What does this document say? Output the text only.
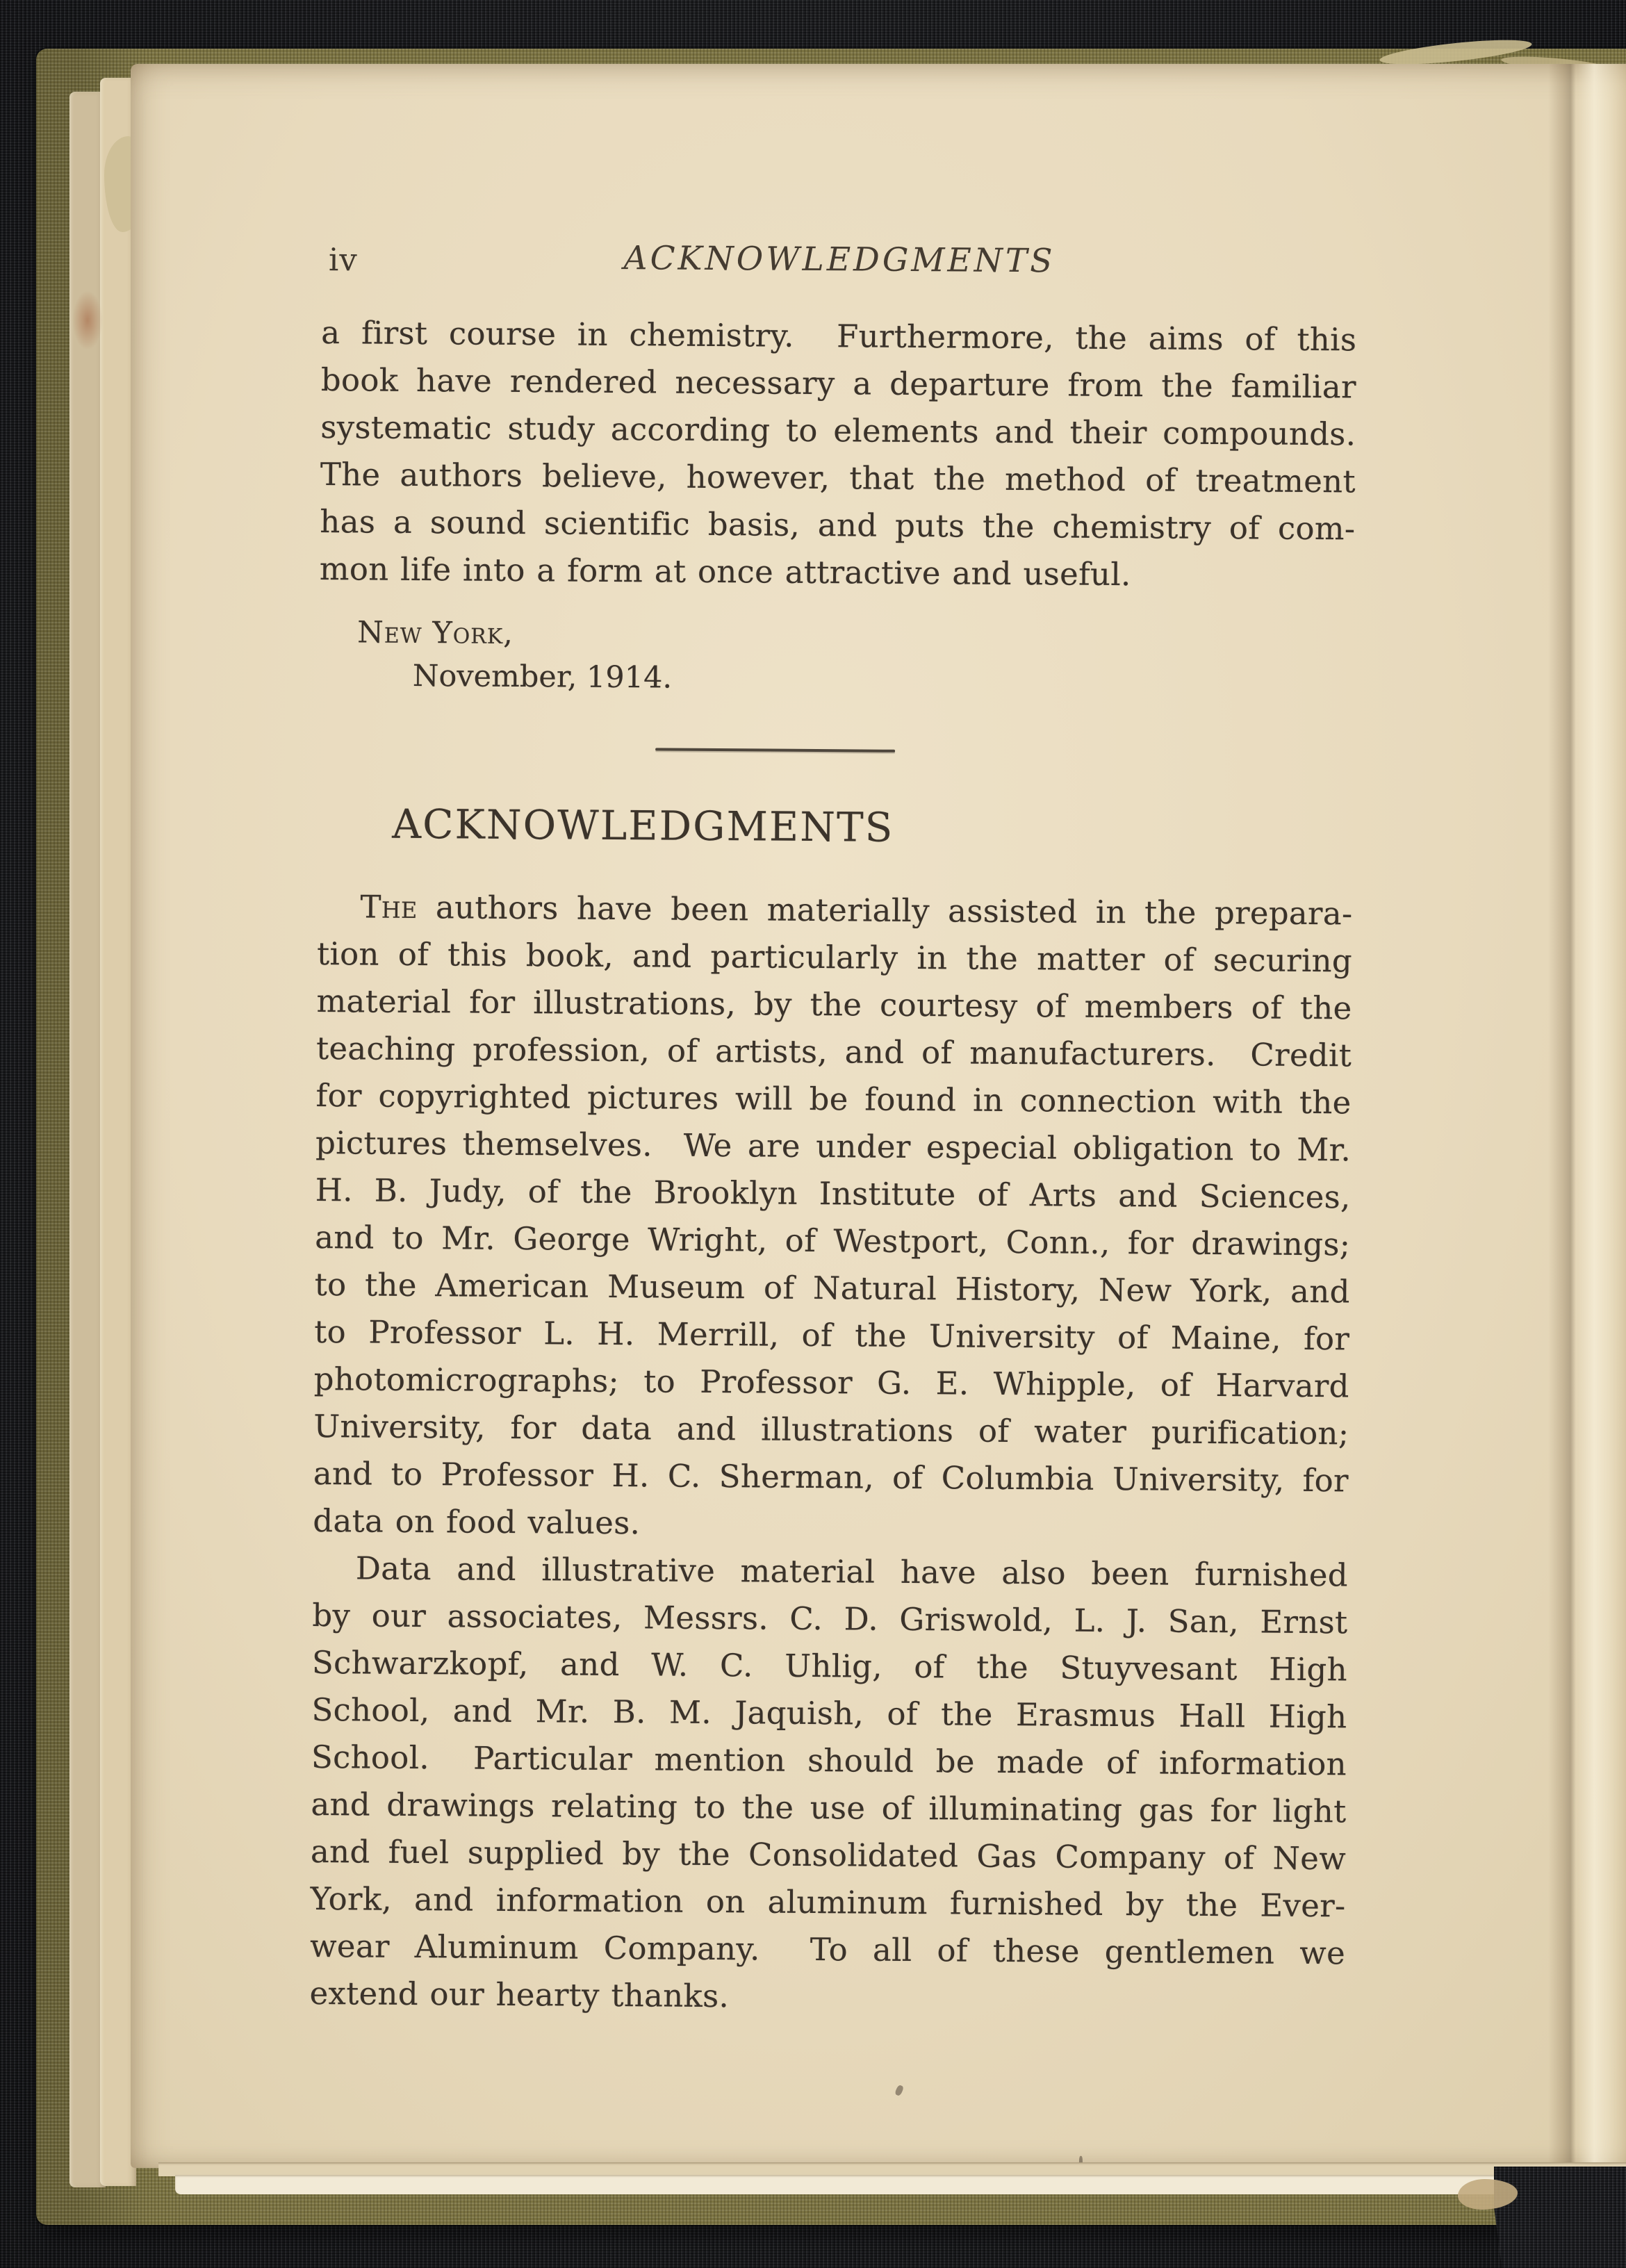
iv	ACKNOWLEDGMENTS
a first course in chemistry.  Furthermore, the aims of this
book have rendered necessary a departure from the familiar
systematic study according to elements and their compounds.
The authors believe, however, that the method of treatment
has a sound scientific basis, and puts the chemistry of com-
mon life into a form at once attractive and useful.
New York,
November, 1914.
ACKNOWLEDGMENTS
The authors have been materially assisted in the prepara-
tion of this book, and particularly in the matter of securing
material for illustrations, by the courtesy of members of the
teaching profession, of artists, and of manufacturers.  Credit
for copyrighted pictures will be found in connection with the
pictures themselves.  We are under especial obligation to Mr.
H. B. Judy, of the Brooklyn Institute of Arts and Sciences,
and to Mr. George Wright, of Westport, Conn., for drawings;
to the American Museum of Natural History, New York, and
to Professor L. H. Merrill, of the University of Maine, for
photomicrographs; to Professor G. E. Whipple, of Harvard
University, for data and illustrations of water purification;
and to Professor H. C. Sherman, of Columbia University, for
data on food values.
Data and illustrative material have also been furnished
by our associates, Messrs. C. D. Griswold, L. J. San, Ernst
Schwarzkopf, and W. C. Uhlig, of the Stuyvesant High
School, and Mr. B. M. Jaquish, of the Erasmus Hall High
School.  Particular mention should be made of information
and drawings relating to the use of illuminating gas for light
and fuel supplied by the Consolidated Gas Company of New
York, and information on aluminum furnished by the Ever-
wear Aluminum Company.  To all of these gentlemen we
extend our hearty thanks.
